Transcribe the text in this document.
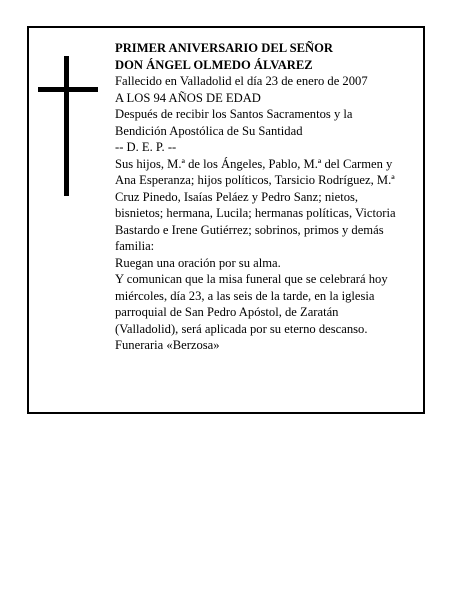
PRIMER ANIVERSARIO DEL SEÑOR

DON ÁNGEL OLMEDO ÁLVAREZ

Fallecido en Valladolid el día 23 de enero de 2007

A LOS 94 AÑOS DE EDAD

Después de recibir los Santos Sacramentos y la Bendición Apostólica de Su Santidad

-- D. E. P. --

Sus hijos, M.ª de los Ángeles, Pablo, M.ª del Carmen y Ana Esperanza; hijos políticos, Tarsicio Rodríguez, M.ª Cruz Pinedo, Isaías Peláez y Pedro Sanz; nietos, bisnietos; hermana, Lucila; hermanas políticas, Victoria Bastardo e Irene Gutiérrez; sobrinos, primos y demás familia:

Ruegan una oración por su alma.

Y comunican que la misa funeral que se celebrará hoy miércoles, día 23, a las seis de la tarde, en la iglesia parroquial de San Pedro Apóstol, de Zaratán (Valladolid), será aplicada por su eterno descanso.

Funeraria «Berzosa»
